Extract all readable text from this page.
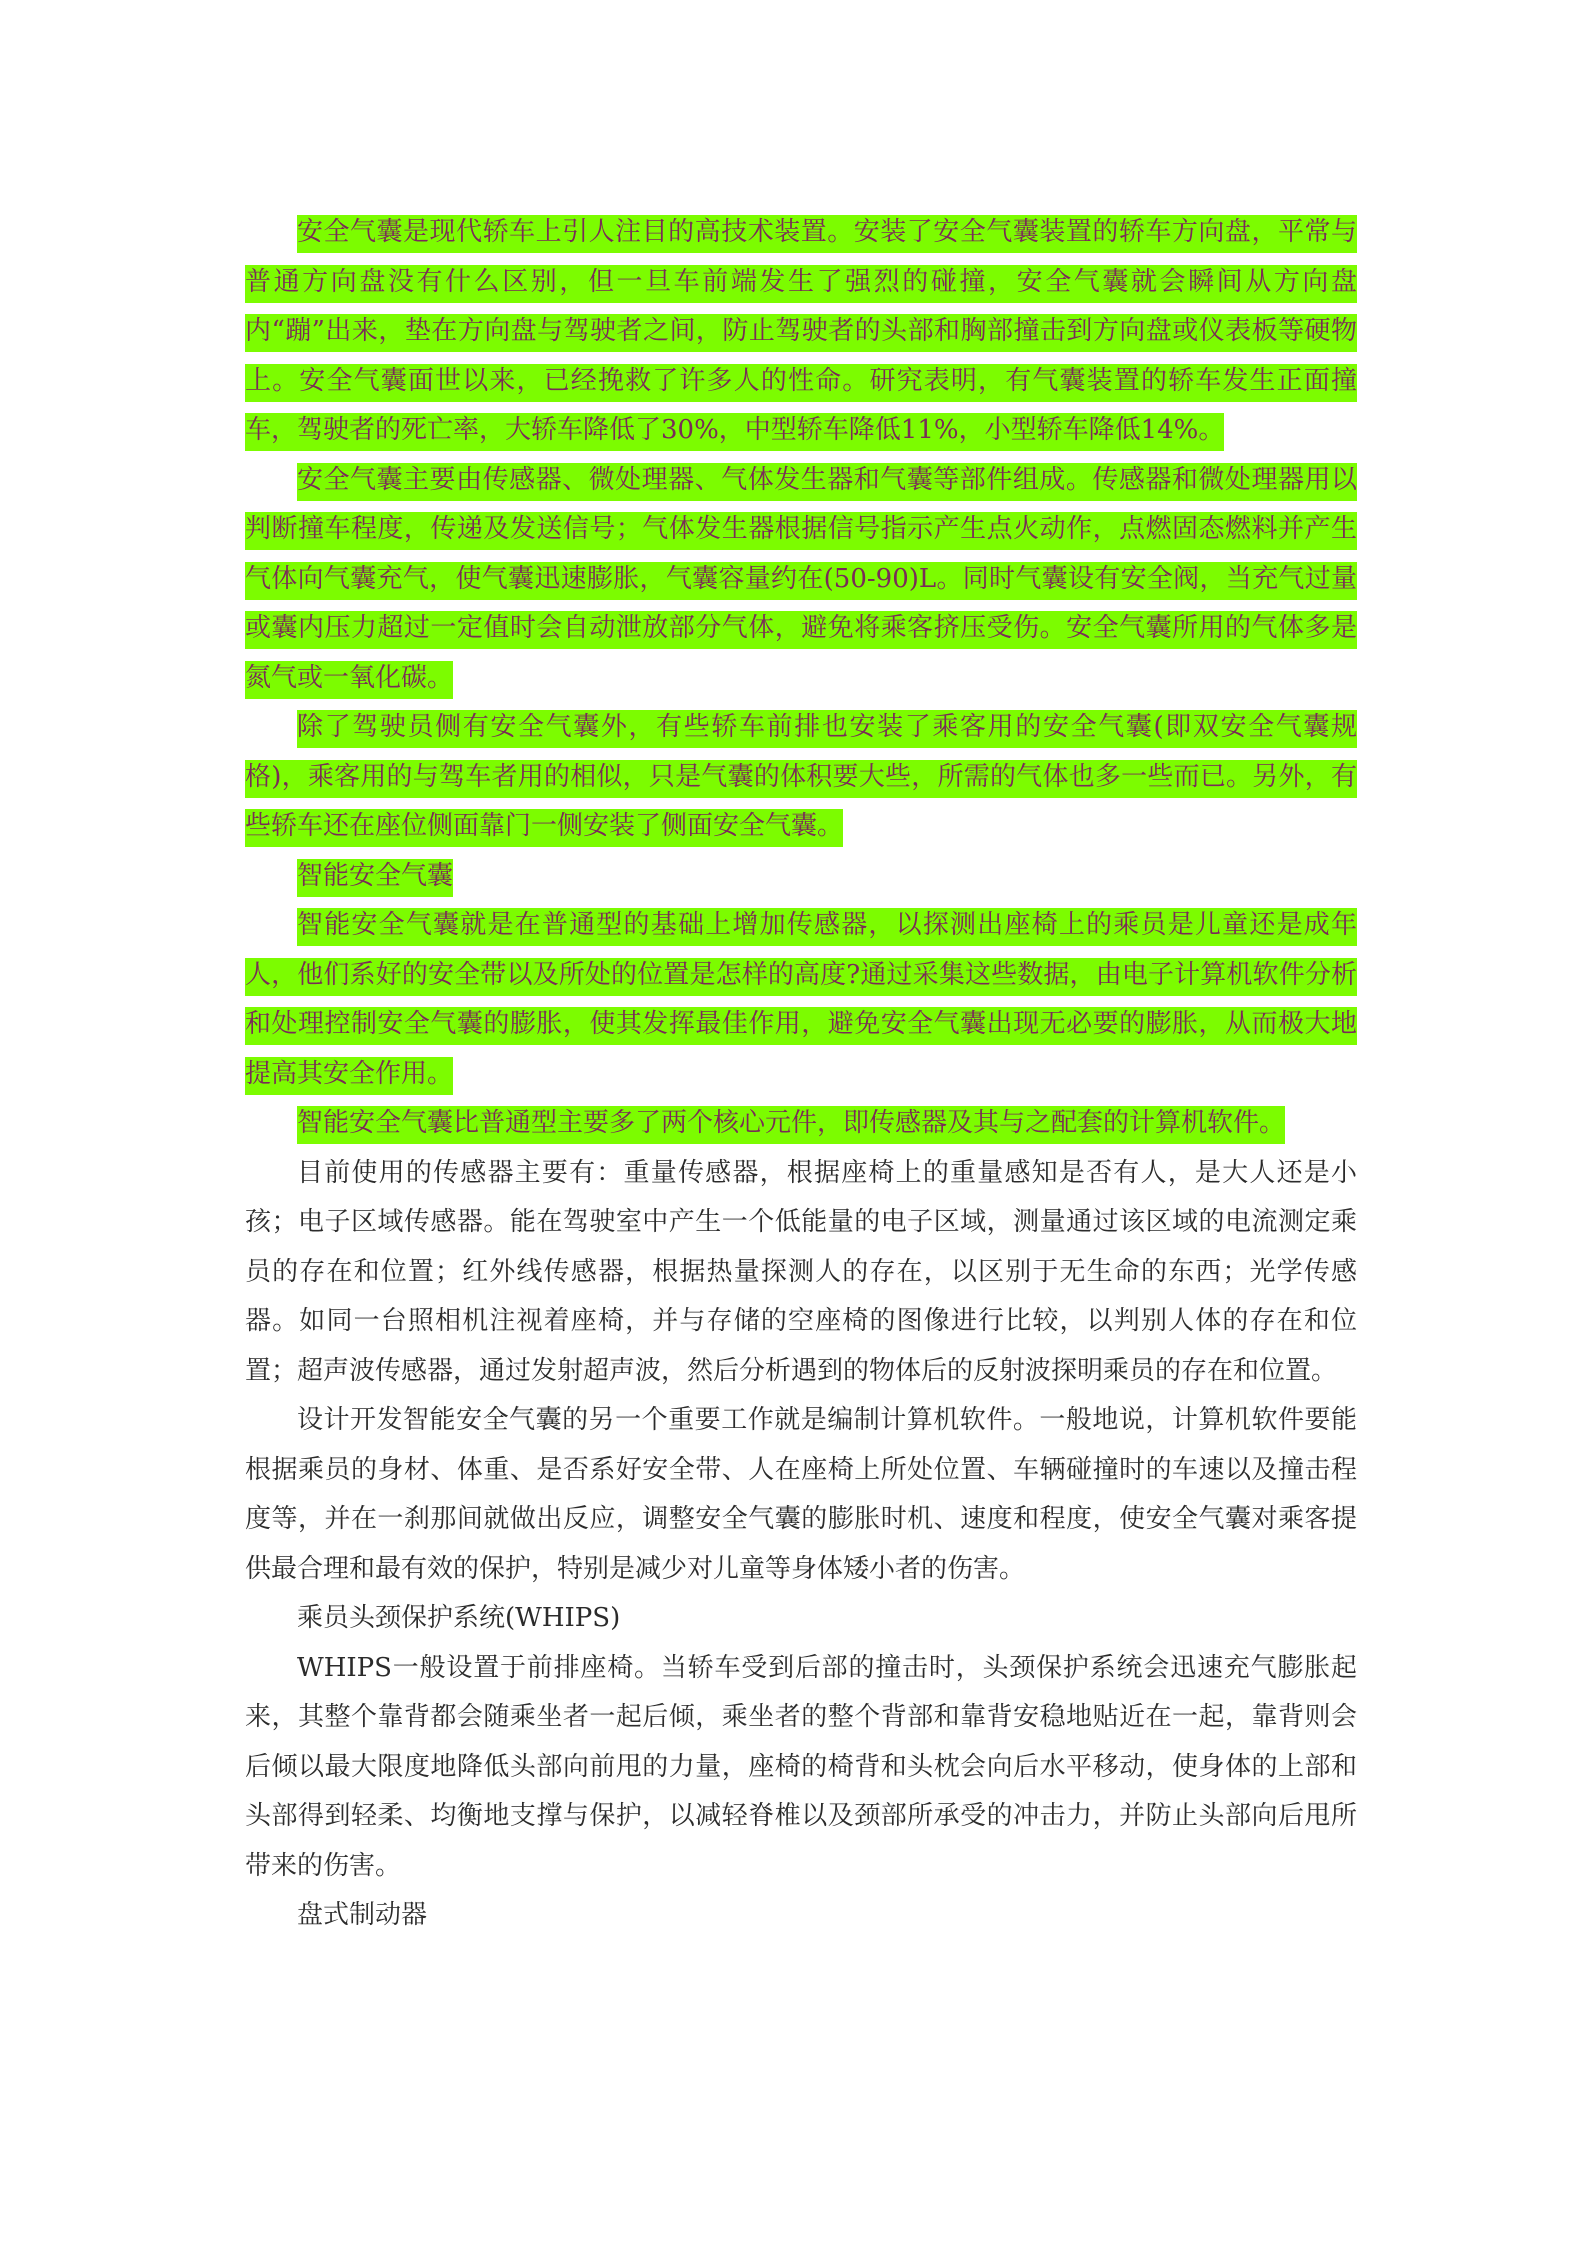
安全气囊是现代轿车上引人注目的高技术装置。安装了安全气囊装置的轿车方向盘，平常与普通方向盘没有什么区别，但一旦车前端发生了强烈的碰撞，安全气囊就会瞬间从方向盘内“蹦”出来，垫在方向盘与驾驶者之间，防止驾驶者的头部和胸部撞击到方向盘或仪表板等硬物上。安全气囊面世以来，已经挽救了许多人的性命。研究表明，有气囊装置的轿车发生正面撞车，驾驶者的死亡率，大轿车降低了30%，中型轿车降低11%，小型轿车降低14%。

安全气囊主要由传感器、微处理器、气体发生器和气囊等部件组成。传感器和微处理器用以判断撞车程度，传递及发送信号；气体发生器根据信号指示产生点火动作，点燃固态燃料并产生气体向气囊充气，使气囊迅速膨胀，气囊容量约在(50-90)L。同时气囊设有安全阀，当充气过量或囊内压力超过一定值时会自动泄放部分气体，避免将乘客挤压受伤。安全气囊所用的气体多是氮气或一氧化碳。

除了驾驶员侧有安全气囊外，有些轿车前排也安装了乘客用的安全气囊(即双安全气囊规格)，乘客用的与驾车者用的相似，只是气囊的体积要大些，所需的气体也多一些而已。另外，有些轿车还在座位侧面靠门一侧安装了侧面安全气囊。

智能安全气囊

智能安全气囊就是在普通型的基础上增加传感器，以探测出座椅上的乘员是儿童还是成年人，他们系好的安全带以及所处的位置是怎样的高度?通过采集这些数据，由电子计算机软件分析和处理控制安全气囊的膨胀，使其发挥最佳作用，避免安全气囊出现无必要的膨胀，从而极大地提高其安全作用。

智能安全气囊比普通型主要多了两个核心元件，即传感器及其与之配套的计算机软件。

目前使用的传感器主要有：重量传感器，根据座椅上的重量感知是否有人，是大人还是小孩；电子区域传感器。能在驾驶室中产生一个低能量的电子区域，测量通过该区域的电流测定乘员的存在和位置；红外线传感器，根据热量探测人的存在，以区别于无生命的东西；光学传感器。如同一台照相机注视着座椅，并与存储的空座椅的图像进行比较，以判别人体的存在和位置；超声波传感器，通过发射超声波，然后分析遇到的物体后的反射波探明乘员的存在和位置。

设计开发智能安全气囊的另一个重要工作就是编制计算机软件。一般地说，计算机软件要能根据乘员的身材、体重、是否系好安全带、人在座椅上所处位置、车辆碰撞时的车速以及撞击程度等，并在一刹那间就做出反应，调整安全气囊的膨胀时机、速度和程度，使安全气囊对乘客提供最合理和最有效的保护，特别是减少对儿童等身体矮小者的伤害。

乘员头颈保护系统(WHIPS)

WHIPS一般设置于前排座椅。当轿车受到后部的撞击时，头颈保护系统会迅速充气膨胀起来，其整个靠背都会随乘坐者一起后倾，乘坐者的整个背部和靠背安稳地贴近在一起，靠背则会后倾以最大限度地降低头部向前甩的力量，座椅的椅背和头枕会向后水平移动，使身体的上部和头部得到轻柔、均衡地支撑与保护，以减轻脊椎以及颈部所承受的冲击力，并防止头部向后甩所带来的伤害。

盘式制动器
